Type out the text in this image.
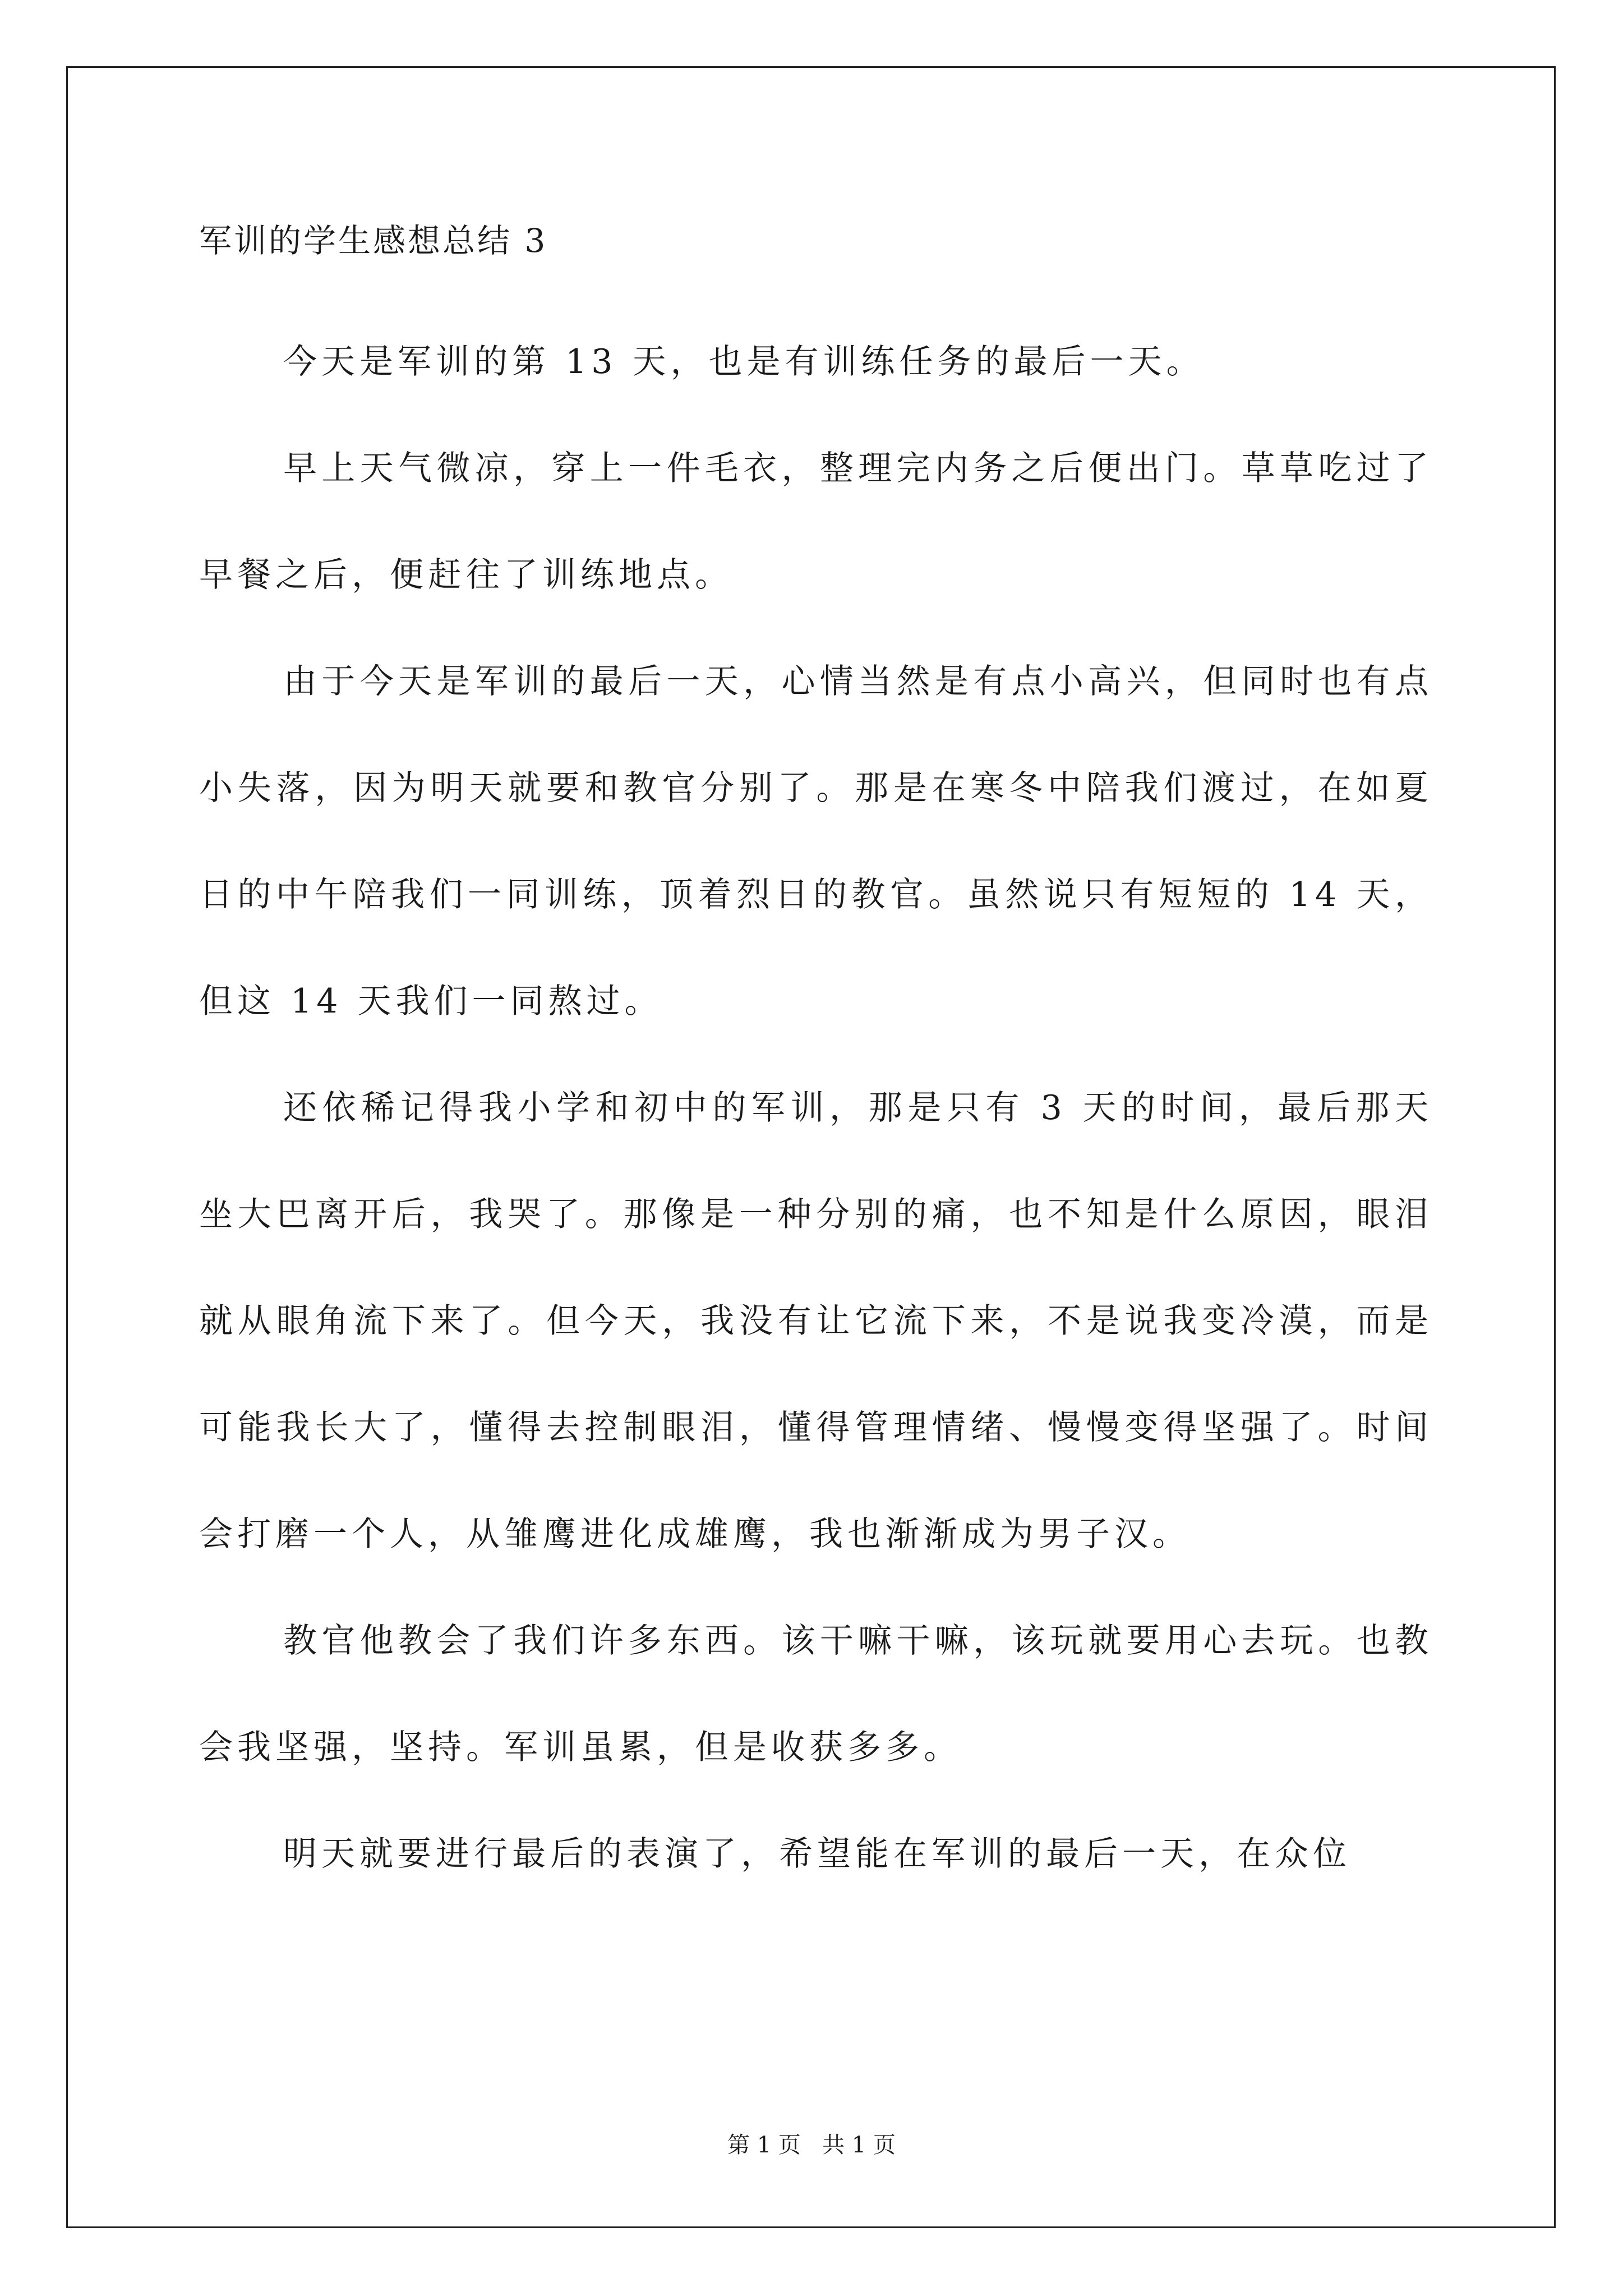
军训的学生感想总结 3

今天是军训的第 13 天，也是有训练任务的最后一天。

早上天气微凉，穿上一件毛衣，整理完内务之后便出门。草草吃过了早餐之后，便赶往了训练地点。

由于今天是军训的最后一天，心情当然是有点小高兴，但同时也有点小失落，因为明天就要和教官分别了。那是在寒冬中陪我们渡过，在如夏日的中午陪我们一同训练，顶着烈日的教官。虽然说只有短短的 14 天，但这 14 天我们一同熬过。

还依稀记得我小学和初中的军训，那是只有 3 天的时间，最后那天坐大巴离开后，我哭了。那像是一种分别的痛，也不知是什么原因，眼泪就从眼角流下来了。但今天，我没有让它流下来，不是说我变冷漠，而是可能我长大了，懂得去控制眼泪，懂得管理情绪、慢慢变得坚强了。时间会打磨一个人，从雏鹰进化成雄鹰，我也渐渐成为男子汉。

教官他教会了我们许多东西。该干嘛干嘛，该玩就要用心去玩。也教会我坚强，坚持。军训虽累，但是收获多多。

明天就要进行最后的表演了，希望能在军训的最后一天，在众位

第 1 页   共 1 页
